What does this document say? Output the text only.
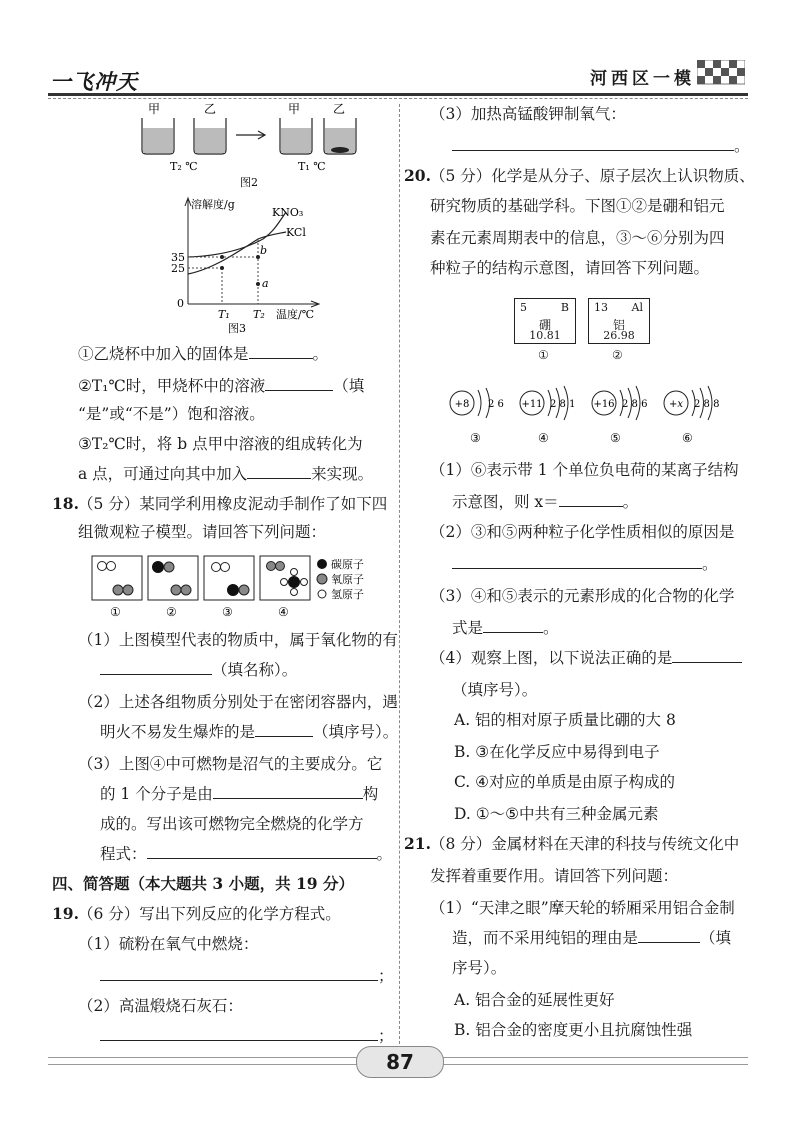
一飞冲天	河西区一模
甲	乙	甲	乙
T₂ ℃	T₁ ℃
图2
溶解度/g
KNO₃
KCl
35
25
0
T₁ T₂ 温度/℃
b
a
图3
①乙烧杯中加入的固体是	。
②T₁℃时，甲烧杯中的溶液	（填
“是”或“不是”）饱和溶液。
③T₂℃时，将 b 点甲中溶液的组成转化为
a 点，可通过向其中加入	来实现。
18. （5 分）某同学利用橡皮泥动手制作了如下四
组微观粒子模型。请回答下列问题：
碳原子
氧原子
氢原子
①	②	③	④
（1）上图模型代表的物质中，属于氧化物的有
（填名称）。
（2）上述各组物质分别处于在密闭容器内，遇
明火不易发生爆炸的是	（填序号）。
（3）上图④中可燃物是沼气的主要成分。它
的 1 个分子是由	构
成的。写出该可燃物完全燃烧的化学方
程式：	。
四、简答题（本大题共 3 小题，共 19 分）
19. （6 分）写出下列反应的化学方程式。
（1）硫粉在氧气中燃烧：
；
（2）高温煅烧石灰石：
；
（3）加热高锰酸钾制氧气：
。
20. （5 分）化学是从分子、原子层次上认识物质、
研究物质的基础学科。下图①②是硼和铝元
素在元素周期表中的信息，③～⑥分别为四
种粒子的结构示意图，请回答下列问题。
5	B
硼
10.81
13 Al
铝
26.98
①	②
+8 2 6
③
+11 2 8 1
④
+16 2 8 6
⑤
+x 2 8 8
⑥
（1）⑥表示带 1 个单位负电荷的某离子结构
示意图，则 x＝	。
（2）③和⑤两种粒子化学性质相似的原因是
。
（3）④和⑤表示的元素形成的化合物的化学
式是	。
（4）观察上图，以下说法正确的是
（填序号）。
A. 铝的相对原子质量比硼的大 8
B. ③在化学反应中易得到电子
C. ④对应的单质是由原子构成的
D. ①～⑤中共有三种金属元素
21. （8 分）金属材料在天津的科技与传统文化中
发挥着重要作用。请回答下列问题：
（1）“天津之眼”摩天轮的轿厢采用铝合金制
造，而不采用纯铝的理由是	（填
序号）。
A. 铝合金的延展性更好
B. 铝合金的密度更小且抗腐蚀性强
87
